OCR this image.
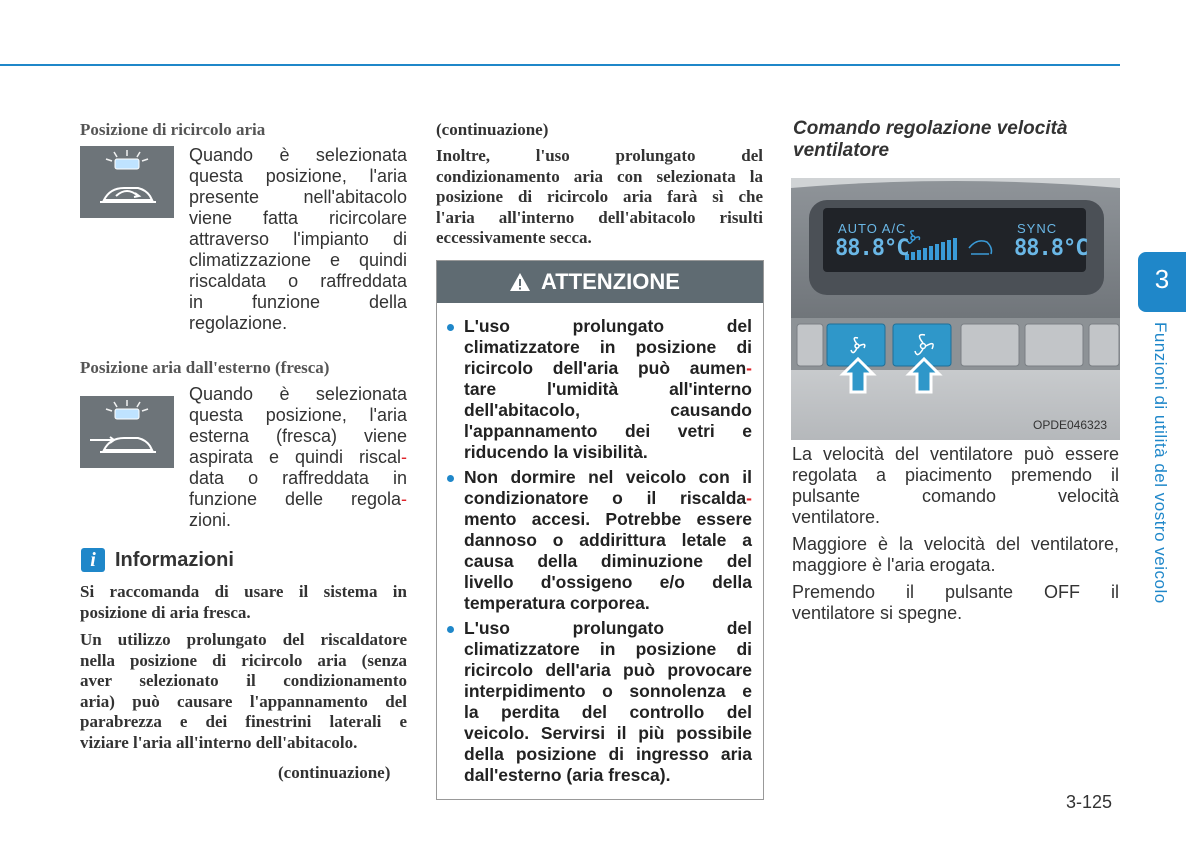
Posizione di ricircolo aria
Quando è selezionata
questa posizione, l'aria
presente nell'abitacolo
viene fatta ricircolare
attraverso l'impianto di
climatizzazione e quindi
riscaldata o raffreddata
in funzione della
regolazione.
Posizione aria dall'esterno (fresca)
Quando è selezionata
questa posizione, l'aria
esterna (fresca) viene
aspirata e quindi riscal-
data o raffreddata in
funzione delle regola-
zioni.
i Informazioni
Si raccomanda di usare il sistema in
posizione di aria fresca.
Un utilizzo prolungato del riscaldatore
nella posizione di ricircolo aria (senza
aver selezionato il condizionamento
aria) può causare l'appannamento del
parabrezza e dei finestrini laterali e
viziare l'aria all'interno dell'abitacolo.
(continuazione)
(continuazione)
Inoltre, l'uso prolungato del
condizionamento aria con selezionata la
posizione di ricircolo aria farà sì che
l'aria all'interno dell'abitacolo risulti
eccessivamente secca.
ATTENZIONE
L'uso prolungato del
climatizzatore in posizione di
ricircolo dell'aria può aumen-
tare l'umidità all'interno
dell'abitacolo, causando
l'appannamento dei vetri e
riducendo la visibilità.
Non dormire nel veicolo con il
condizionatore o il riscalda-
mento accesi. Potrebbe essere
dannoso o addirittura letale a
causa della diminuzione del
livello d'ossigeno e/o della
temperatura corporea.
L'uso prolungato del
climatizzatore in posizione di
ricircolo dell'aria può provocare
interpidimento o sonnolenza e
la perdita del controllo del
veicolo. Servirsi il più possibile
della posizione di ingresso aria
dall'esterno (aria fresca).
Comando regolazione velocità
ventilatore
AUTO A/C	SYNC
88.8°C	88.8°C
OPDE046323
La velocità del ventilatore può essere
regolata a piacimento premendo il
pulsante comando velocità
ventilatore.
Maggiore è la velocità del ventilatore,
maggiore è l'aria erogata.
Premendo il pulsante OFF il
ventilatore si spegne.
3
Funzioni di utilità del vostro veicolo
3-125
